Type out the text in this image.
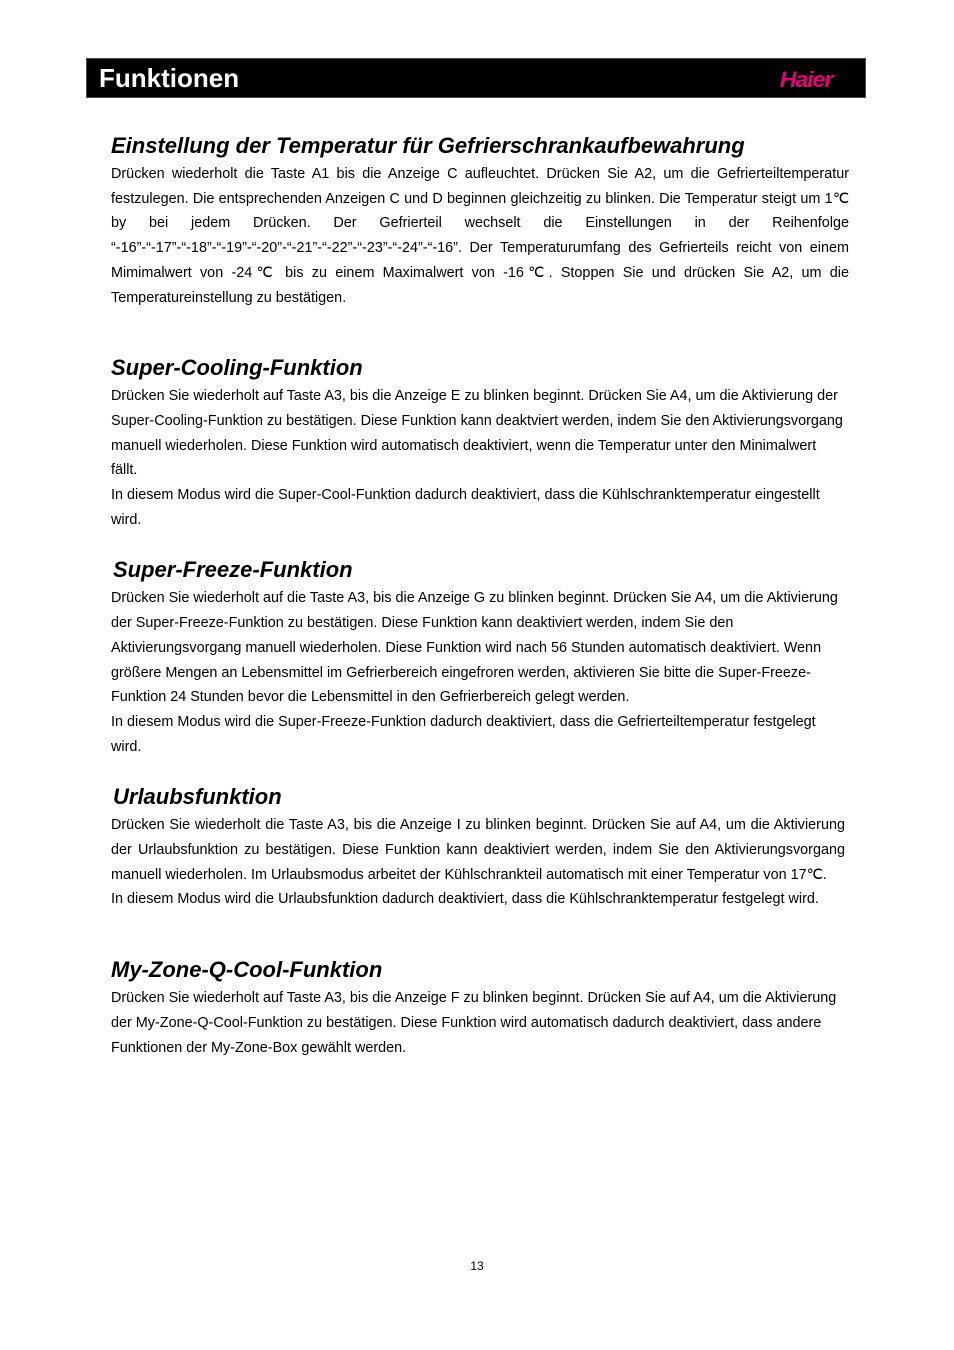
Funktionen	Haier
Einstellung der Temperatur für Gefrierschrankaufbewahrung

Drücken wiederholt die Taste A1 bis die Anzeige C aufleuchtet. Drücken Sie A2, um die Gefrierteiltemperatur festzulegen. Die entsprechenden Anzeigen C und D beginnen gleichzeitig zu blinken. Die Temperatur steigt um 1℃ by bei jedem Drücken. Der Gefrierteil wechselt die Einstellungen in der Reihenfolge “-16”-“-17”-“-18”-“-19”-“-20”-“-21”-“-22”-“-23”-“-24”-“-16”. Der Temperaturumfang des Gefrierteils reicht von einem Mimimalwert von -24℃ bis zu einem Maximalwert von -16℃. Stoppen Sie und drücken Sie A2, um die Temperatureinstellung zu bestätigen.

Super-Cooling-Funktion

Drücken Sie wiederholt auf Taste A3, bis die Anzeige E zu blinken beginnt. Drücken Sie A4, um die Aktivierung der Super-Cooling-Funktion zu bestätigen. Diese Funktion kann deaktviert werden, indem Sie den Aktivierungsvorgang manuell wiederholen. Diese Funktion wird automatisch deaktiviert, wenn die Temperatur unter den Minimalwert fällt.

In diesem Modus wird die Super-Cool-Funktion dadurch deaktiviert, dass die Kühlschranktemperatur eingestellt wird.

Super-Freeze-Funktion

Drücken Sie wiederholt auf die Taste A3, bis die Anzeige G zu blinken beginnt. Drücken Sie A4, um die Aktivierung der Super-Freeze-Funktion zu bestätigen. Diese Funktion kann deaktiviert werden, indem Sie den Aktivierungsvorgang manuell wiederholen. Diese Funktion wird nach 56 Stunden automatisch deaktiviert. Wenn größere Mengen an Lebensmittel im Gefrierbereich eingefroren werden, aktivieren Sie bitte die Super-Freeze-Funktion 24 Stunden bevor die Lebensmittel in den Gefrierbereich gelegt werden.

In diesem Modus wird die Super-Freeze-Funktion dadurch deaktiviert, dass die Gefrierteiltemperatur festgelegt wird.

Urlaubsfunktion

Drücken Sie wiederholt die Taste A3, bis die Anzeige I zu blinken beginnt. Drücken Sie auf A4, um die Aktivierung der Urlaubsfunktion zu bestätigen. Diese Funktion kann deaktiviert werden, indem Sie den Aktivierungsvorgang manuell wiederholen. Im Urlaubsmodus arbeitet der Kühlschrankteil automatisch mit einer Temperatur von 17℃.

In diesem Modus wird die Urlaubsfunktion dadurch deaktiviert, dass die Kühlschranktemperatur festgelegt wird.

My-Zone-Q-Cool-Funktion

Drücken Sie wiederholt auf Taste A3, bis die Anzeige F zu blinken beginnt. Drücken Sie auf A4, um die Aktivierung der My-Zone-Q-Cool-Funktion zu bestätigen. Diese Funktion wird automatisch dadurch deaktiviert, dass andere Funktionen der My-Zone-Box gewählt werden.

13
